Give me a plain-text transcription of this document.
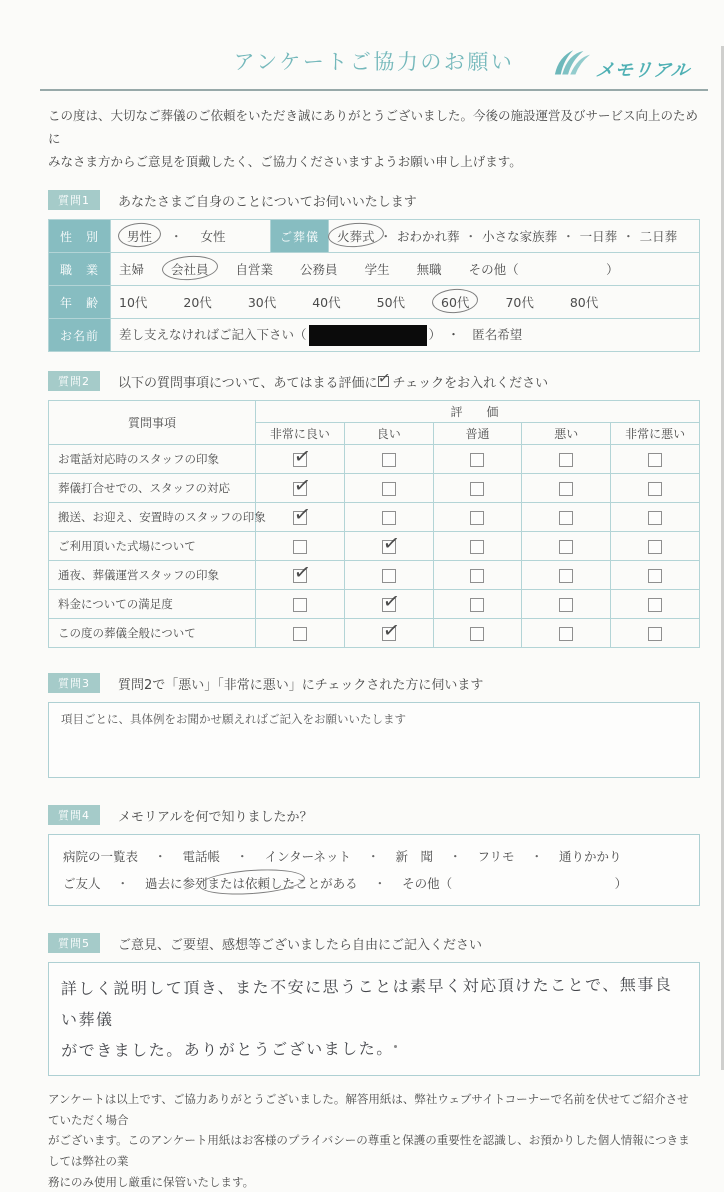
アンケートご協力のお願い	メモリアル
この度は、大切なご葬儀のご依頼をいただき誠にありがとうございました。今後の施設運営及びサービス向上のために
みなさま方からご意見を頂戴したく、ご協力くださいますようお願い申し上げます。
質問1	あなたさまご自身のことについてお伺いいたします
性　別	男性 ・ 女性	ご葬儀	火葬式 ・ おわかれ葬 ・ 小さな家族葬 ・ 一日葬 ・ 二日葬

職　業	主婦 会社員 自営業 公務員 学生 無職 その他（　　　　　　　）

年　齢	10代	20代	30代	40代	50代	60代	70代	80代

お名前	差し支えなければご記入下さい（ ）　・　匿名希望		
質問2	以下の質問事項について、あてはまる評価に ✓ チェックをお入れください
質問事項	評　価				
	非常に良い	良い	普通	悪い	非常に悪い
お電話対応時のスタッフの印象	✓				
葬儀打合せでの、スタッフの対応	✓				
搬送、お迎え、安置時のスタッフの印象	✓				
ご利用頂いた式場について		✓			
通夜、葬儀運営スタッフの印象	✓				
料金についての満足度		✓			
この度の葬儀全般について		✓			
質問3	質問2で「悪い」「非常に悪い」にチェックされた方に伺います
項目ごとに、具体例をお聞かせ願えればご記入をお願いいたします
質問4	メモリアルを何で知りましたか？
病院の一覧表 ・ 電話帳 ・ インターネット ・ 新　聞 ・ フリモ ・ 通りかかり
ご友人 ・ 過去に参列 または依頼した ことがある ・ その他（　　　　　　　　　　　　　）
質問5	ご意見、ご要望、感想等ございましたら自由にご記入ください
詳しく説明して頂き、また不安に思うことは素早く対応頂けたことで、無事良い葬儀
ができました。ありがとうございました。
アンケートは以上です、ご協力ありがとうございました。解答用紙は、弊社ウェブサイトコーナーで名前を伏せてご紹介させていただく場合
がございます。このアンケート用紙はお客様のプライバシーの尊重と保護の重要性を認識し、お預かりした個人情報につきましては弊社の業
務にのみ使用し厳重に保管いたします。
